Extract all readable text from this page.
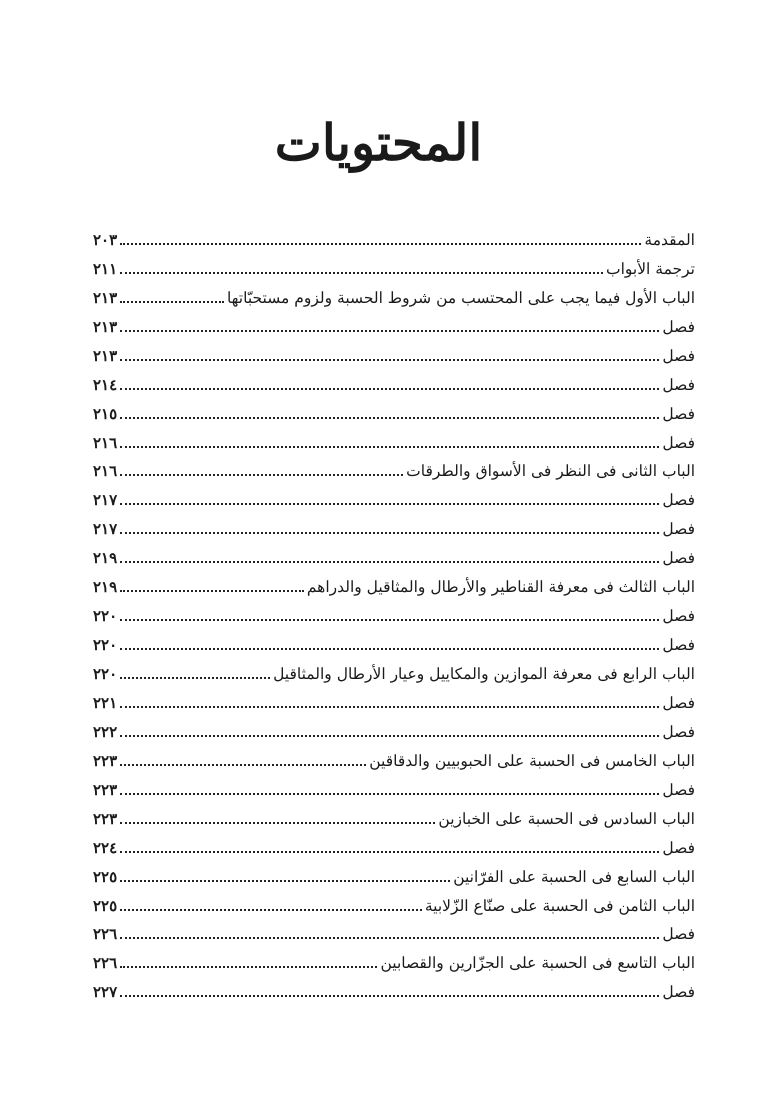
المحتويات
المقدمة
٢٠٣
ترجمة الأبواب
٢١١
الباب الأول فيما يجب على المحتسب من شروط الحسبة ولزوم مستحبّاتها
٢١٣
فصل
٢١٣
فصل
٢١٣
فصل
٢١٤
فصل
٢١٥
فصل
٢١٦
الباب الثانى فى النظر فى الأسواق والطرقات
٢١٦
فصل
٢١٧
فصل
٢١٧
فصل
٢١٩
الباب الثالث فى معرفة القناطير والأرطال والمثاقيل والدراهم
٢١٩
فصل
٢٢٠
فصل
٢٢٠
الباب الرابع فى معرفة الموازين والمكاييل وعيار الأرطال والمثاقيل
٢٢٠
فصل
٢٢١
فصل
٢٢٢
الباب الخامس فى الحسبة على الحبوبيين والدقاقين
٢٢٣
فصل
٢٢٣
الباب السادس فى الحسبة على الخبازين
٢٢٣
فصل
٢٢٤
الباب السابع فى الحسبة على الفرّانين
٢٢٥
الباب الثامن فى الحسبة على صنّاع الزّلابية
٢٢٥
فصل
٢٢٦
الباب التاسع فى الحسبة على الجزّارين والقصابين
٢٢٦
فصل
٢٢٧
